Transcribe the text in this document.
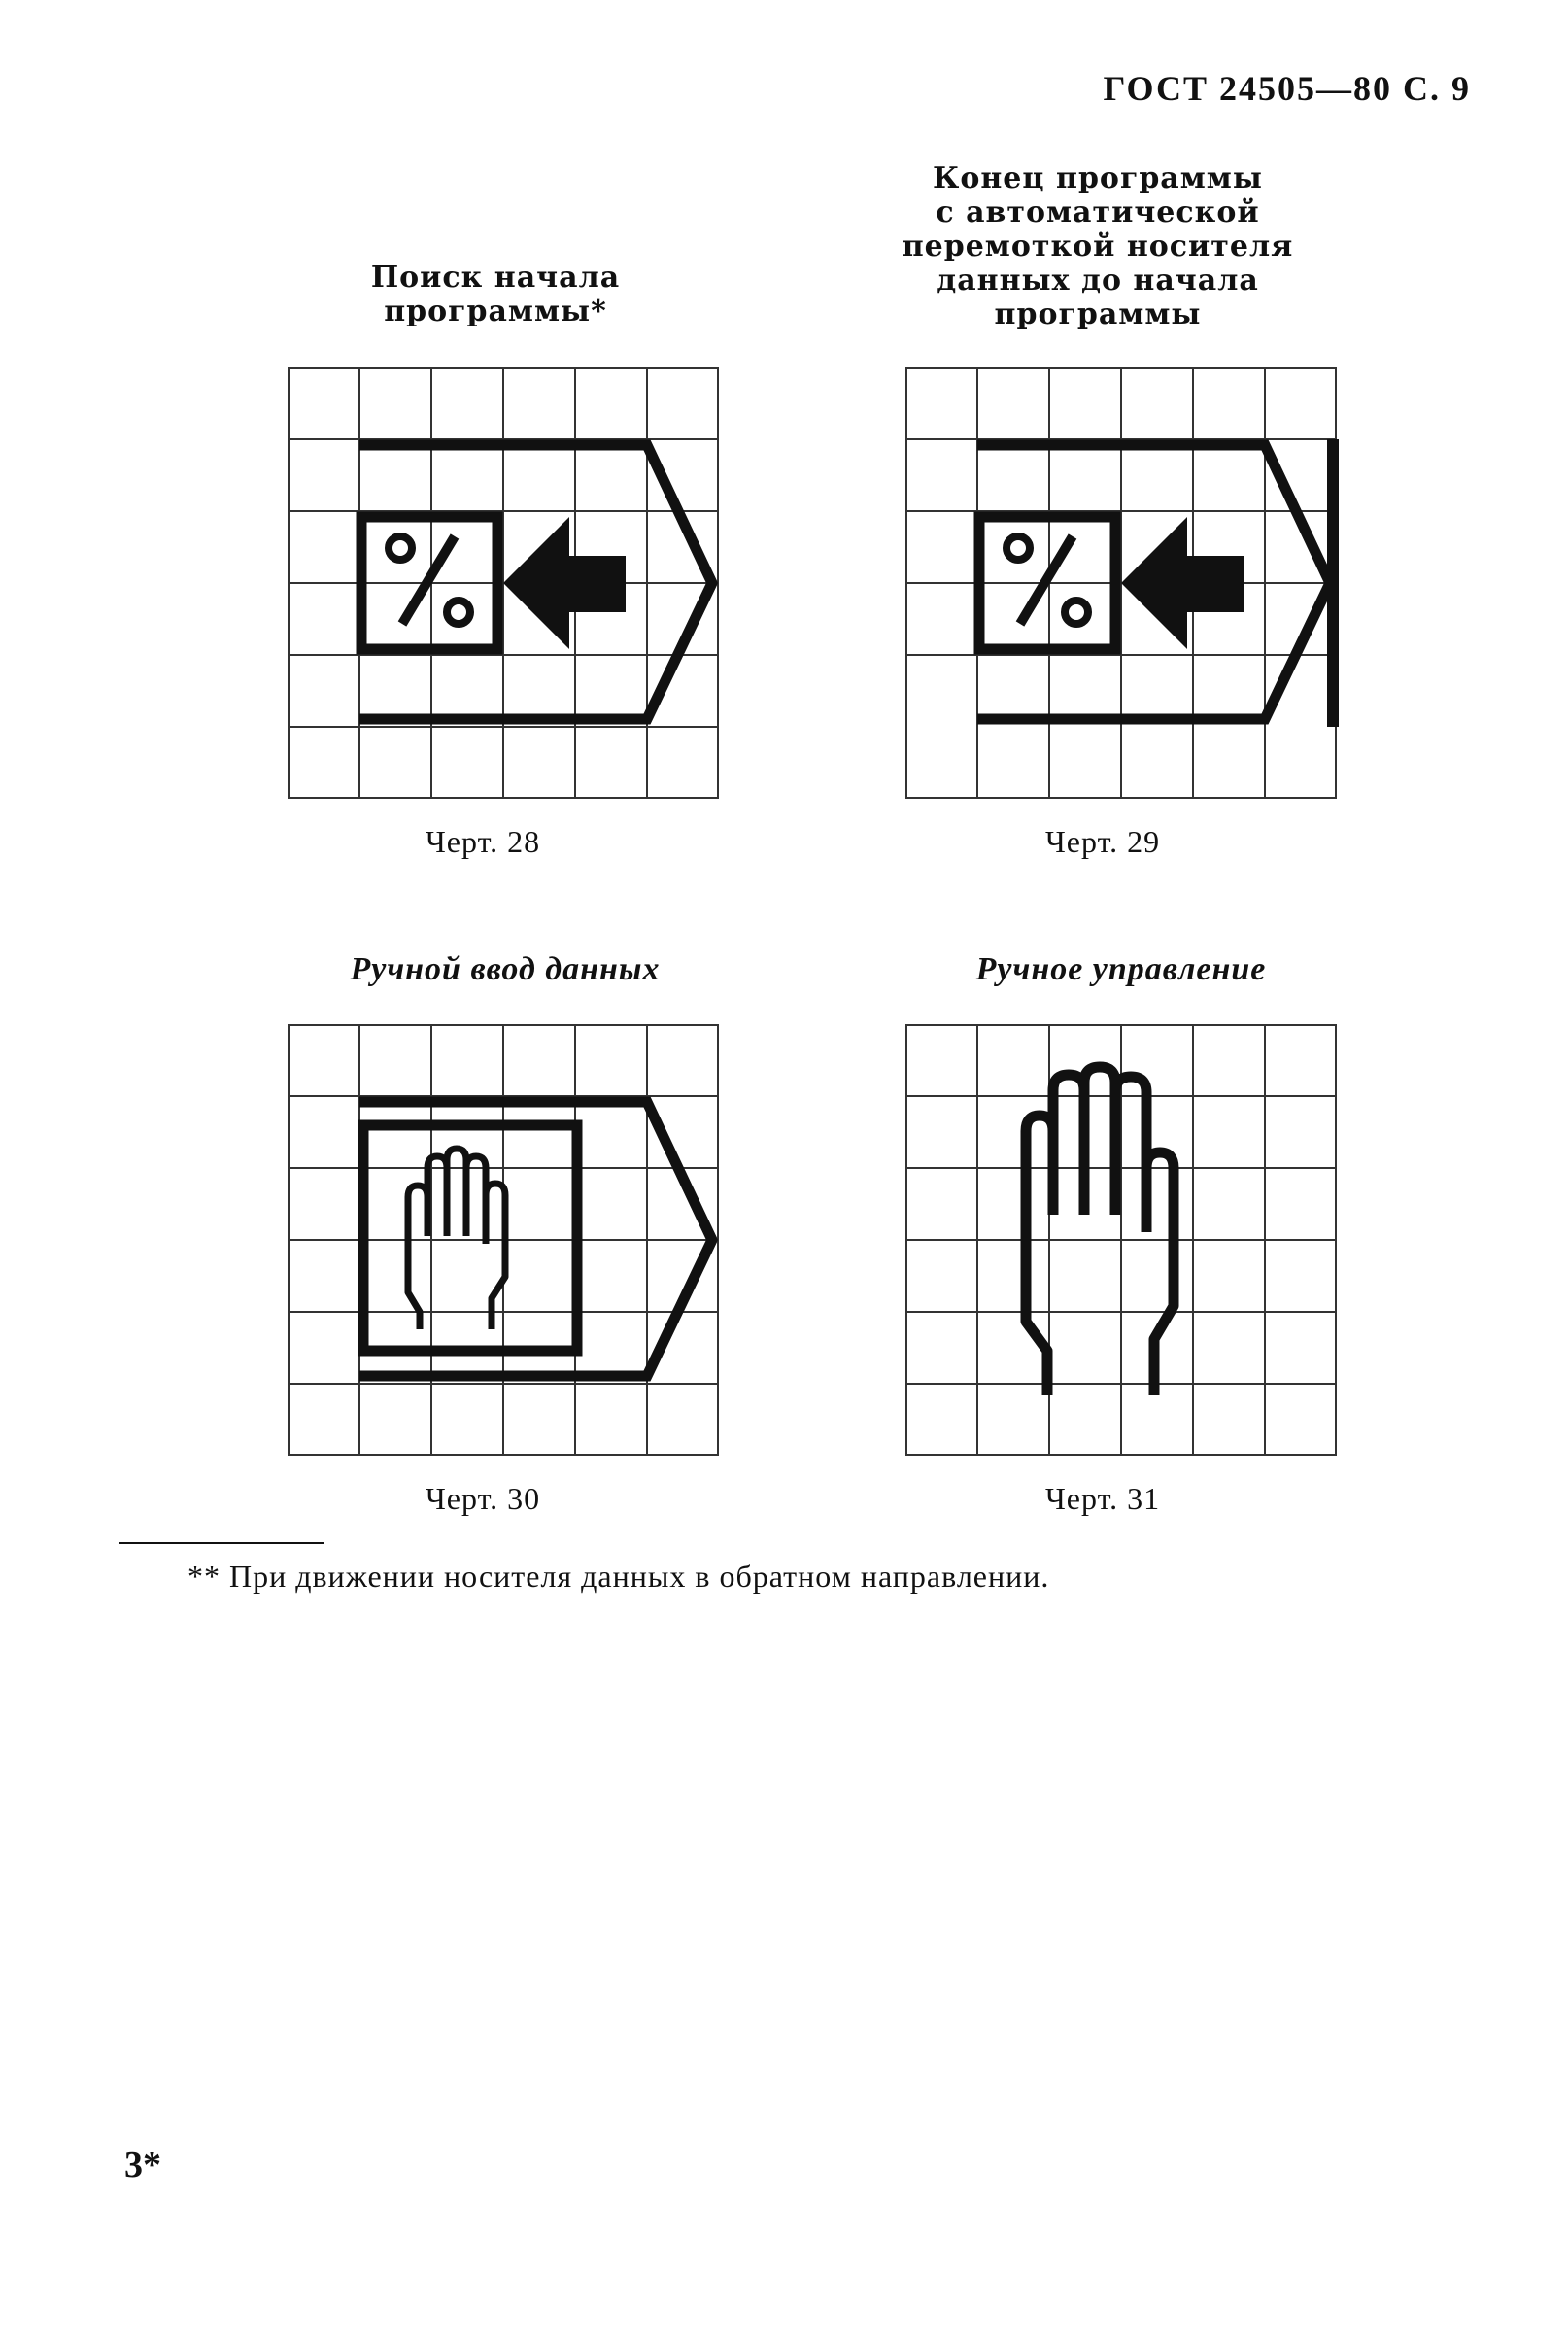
ГОСТ 24505—80 С. 9
Поиск начала
программы*
Конец программы
с автоматической
перемоткой носителя
данных до начала
программы
Черт. 28	Черт. 29
Ручной ввод данных	Ручное управление
Черт. 30	Черт. 31
** При движении носителя данных в обратном направлении.
3*
